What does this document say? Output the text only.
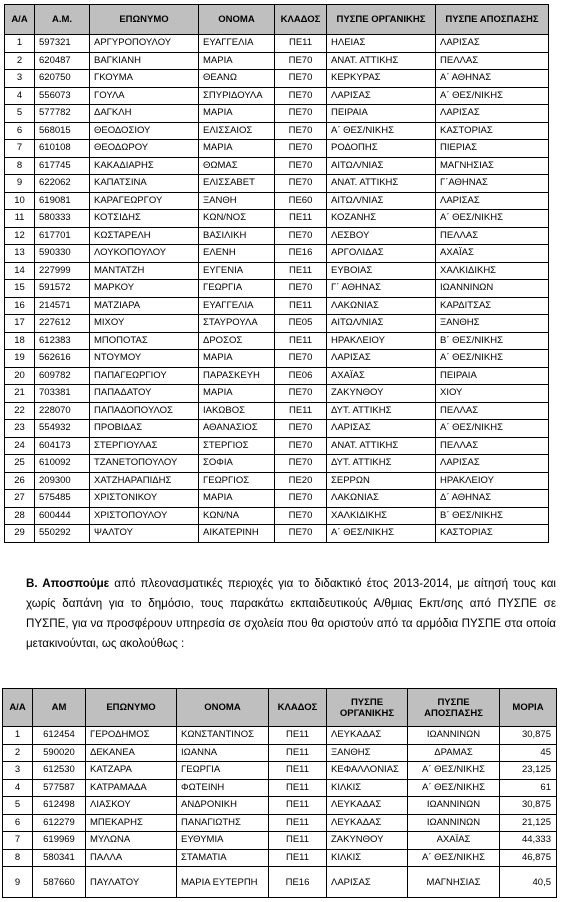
Α/Α	Α.Μ.	ΕΠΩΝΥΜΟ	ΟΝΟΜΑ	ΚΛΑΔΟΣ	ΠΥΣΠΕ ΟΡΓΑΝΙΚΗΣ	ΠΥΣΠΕ ΑΠΟΣΠΑΣΗΣ
1	597321	ΑΡΓΥΡΟΠΟΥΛΟΥ	ΕΥΑΓΓΕΛΙΑ	ΠΕ11	ΗΛΕΙΑΣ	ΛΑΡΙΣΑΣ
2	620487	ΒΑΓΚΙΑΝΗ	ΜΑΡΙΑ	ΠΕ70	ΑΝΑΤ. ΑΤΤΙΚΗΣ	ΠΕΛΛΑΣ
3	620750	ΓΚΟΥΜΑ	ΘΕΑΝΩ	ΠΕ70	ΚΕΡΚΥΡΑΣ	Α΄ ΑΘΗΝΑΣ
4	556073	ΓΟΥΛΑ	ΣΠΥΡΙΔΟΥΛΑ	ΠΕ70	ΛΑΡΙΣΑΣ	Α΄ ΘΕΣ/ΝΙΚΗΣ
5	577782	ΔΑΓΚΛΗ	ΜΑΡΙΑ	ΠΕ70	ΠΕΙΡΑΙΑ	ΛΑΡΙΣΑΣ
6	568015	ΘΕΟΔΟΣΙΟΥ	ΕΛΙΣΣΑΙΟΣ	ΠΕ70	Α΄ ΘΕΣ/ΝΙΚΗΣ	ΚΑΣΤΟΡΙΑΣ
7	610108	ΘΕΟΔΩΡΟΥ	ΜΑΡΙΑ	ΠΕ70	ΡΟΔΟΠΗΣ	ΠΙΕΡΙΑΣ
8	617745	ΚΑΚΑΔΙΑΡΗΣ	ΘΩΜΑΣ	ΠΕ70	ΑΙΤΩΛ/ΝΙΑΣ	ΜΑΓΝΗΣΙΑΣ
9	622062	ΚΑΠΑΤΣΙΝΑ	ΕΛΙΣΣΑΒΕΤ	ΠΕ70	ΑΝΑΤ. ΑΤΤΙΚΗΣ	Γ΄ΑΘΗΝΑΣ
10	619081	ΚΑΡΑΓΕΩΡΓΟΥ	ΞΑΝΘΗ	ΠΕ60	ΑΙΤΩΛ/ΝΙΑΣ	ΛΑΡΙΣΑΣ
11	580333	ΚΟΤΣΙΔΗΣ	ΚΩΝ/ΝΟΣ	ΠΕ11	ΚΟΖΑΝΗΣ	Α΄ ΘΕΣ/ΝΙΚΗΣ
12	617701	ΚΩΣΤΑΡΕΛΗ	ΒΑΣΙΛΙΚΗ	ΠΕ70	ΛΕΣΒΟΥ	ΠΕΛΛΑΣ
13	590330	ΛΟΥΚΟΠΟΥΛΟΥ	ΕΛΕΝΗ	ΠΕ16	ΑΡΓΟΛΙΔΑΣ	ΑΧΑΪΑΣ
14	227999	ΜΑΝΤΑΤΖΗ	ΕΥΓΕΝΙΑ	ΠΕ11	ΕΥΒΟΙΑΣ	ΧΑΛΚΙΔΙΚΗΣ
15	591572	ΜΑΡΚΟΥ	ΓΕΩΡΓΙΑ	ΠΕ70	Γ΄ ΑΘΗΝΑΣ	ΙΩΑΝΝΙΝΩΝ
16	214571	ΜΑΤΖΙΑΡΑ	ΕΥΑΓΓΕΛΙΑ	ΠΕ11	ΛΑΚΩΝΙΑΣ	ΚΑΡΔΙΤΣΑΣ
17	227612	ΜΙΧΟΥ	ΣΤΑΥΡΟΥΛΑ	ΠΕ05	ΑΙΤΩΛ/ΝΙΑΣ	ΞΑΝΘΗΣ
18	612383	ΜΠΟΠΟΤΑΣ	ΔΡΟΣΟΣ	ΠΕ11	ΗΡΑΚΛΕΙΟΥ	Β΄ ΘΕΣ/ΝΙΚΗΣ
19	562616	ΝΤΟΥΜΟΥ	ΜΑΡΙΑ	ΠΕ70	ΛΑΡΙΣΑΣ	Α΄ ΘΕΣ/ΝΙΚΗΣ
20	609782	ΠΑΠΑΓΕΩΡΓΙΟΥ	ΠΑΡΑΣΚΕΥΗ	ΠΕ06	ΑΧΑΪΑΣ	ΠΕΙΡΑΙΑ
21	703381	ΠΑΠΑΔΑΤΟΥ	ΜΑΡΙΑ	ΠΕ70	ΖΑΚΥΝΘΟΥ	ΧΙΟΥ
22	228070	ΠΑΠΑΔΟΠΟΥΛΟΣ	ΙΑΚΩΒΟΣ	ΠΕ11	ΔΥΤ. ΑΤΤΙΚΗΣ	ΠΕΛΛΑΣ
23	554932	ΠΡΟΒΙΔΑΣ	ΑΘΑΝΑΣΙΟΣ	ΠΕ70	ΛΑΡΙΣΑΣ	Α΄ ΘΕΣ/ΝΙΚΗΣ
24	604173	ΣΤΕΡΓΙΟΥΛΑΣ	ΣΤΕΡΓΙΟΣ	ΠΕ70	ΑΝΑΤ. ΑΤΤΙΚΗΣ	ΠΕΛΛΑΣ
25	610092	ΤΖΑΝΕΤΟΠΟΥΛΟΥ	ΣΟΦΙΑ	ΠΕ70	ΔΥΤ. ΑΤΤΙΚΗΣ	ΛΑΡΙΣΑΣ
26	209300	ΧΑΤΖΗΑΡΑΠΙΔΗΣ	ΓΕΩΡΓΙΟΣ	ΠΕ20	ΣΕΡΡΩΝ	ΗΡΑΚΛΕΙΟΥ
27	575485	ΧΡΙΣΤΟΝΙΚΟΥ	ΜΑΡΙΑ	ΠΕ70	ΛΑΚΩΝΙΑΣ	Δ΄ ΑΘΗΝΑΣ
28	600444	ΧΡΙΣΤΟΠΟΥΛΟΥ	ΚΩΝ/ΝΑ	ΠΕ70	ΧΑΛΚΙΔΙΚΗΣ	Β΄ ΘΕΣ/ΝΙΚΗΣ
29	550292	ΨΑΛΤΟΥ	ΑΙΚΑΤΕΡΙΝΗ	ΠΕ70	Α΄ ΘΕΣ/ΝΙΚΗΣ	ΚΑΣΤΟΡΙΑΣ

Β. Αποσπούμε από πλεονασματικές περιοχές για το διδακτικό έτος 2013-2014, με αίτησή τους και χωρίς δαπάνη για το δημόσιο, τους παρακάτω εκπαιδευτικούς Α/θμιας Εκπ/σης από ΠΥΣΠΕ σε ΠΥΣΠΕ, για να προσφέρουν υπηρεσία σε σχολεία που θα οριστούν από τα αρμόδια ΠΥΣΠΕ στα οποία μετακινούνται, ως ακολούθως :

Α/Α	ΑΜ	ΕΠΩΝΥΜΟ	ΟΝΟΜΑ	ΚΛΑΔΟΣ	ΠΥΣΠΕ ΟΡΓΑΝΙΚΗΣ	ΠΥΣΠΕ ΑΠΟΣΠΑΣΗΣ	ΜΟΡΙΑ
1	612454	ΓΕΡΟΔΗΜΟΣ	ΚΩΝΣΤΑΝΤΙΝΟΣ	ΠΕ11	ΛΕΥΚΑΔΑΣ	ΙΩΑΝΝΙΝΩΝ	30,875
2	590020	ΔΕΚΑΝΕΑ	ΙΩΑΝΝΑ	ΠΕ11	ΞΑΝΘΗΣ	ΔΡΑΜΑΣ	45
3	612530	ΚΑΤΖΑΡΑ	ΓΕΩΡΓΙΑ	ΠΕ11	ΚΕΦΑΛΛΟΝΙΑΣ	Α΄ ΘΕΣ/ΝΙΚΗΣ	23,125
4	577587	ΚΑΤΡΑΜΑΔΑ	ΦΩΤΕΙΝΗ	ΠΕ11	ΚΙΛΚΙΣ	Α΄ ΘΕΣ/ΝΙΚΗΣ	61
5	612498	ΛΙΑΣΚΟΥ	ΑΝΔΡΟΝΙΚΗ	ΠΕ11	ΛΕΥΚΑΔΑΣ	ΙΩΑΝΝΙΝΩΝ	30,875
6	612279	ΜΠΕΚΑΡΗΣ	ΠΑΝΑΓΙΩΤΗΣ	ΠΕ11	ΛΕΥΚΑΔΑΣ	ΙΩΑΝΝΙΝΩΝ	21,125
7	619969	ΜΥΛΩΝΑ	ΕΥΘΥΜΙΑ	ΠΕ11	ΖΑΚΥΝΘΟΥ	ΑΧΑΪΑΣ	44,333
8	580341	ΠΑΛΛΑ	ΣΤΑΜΑΤΙΑ	ΠΕ11	ΚΙΛΚΙΣ	Α΄ ΘΕΣ/ΝΙΚΗΣ	46,875
9	587660	ΠΑΥΛΑΤΟΥ	ΜΑΡΙΑ ΕΥΤΕΡΠΗ	ΠΕ16	ΛΑΡΙΣΑΣ	ΜΑΓΝΗΣΙΑΣ	40,5
